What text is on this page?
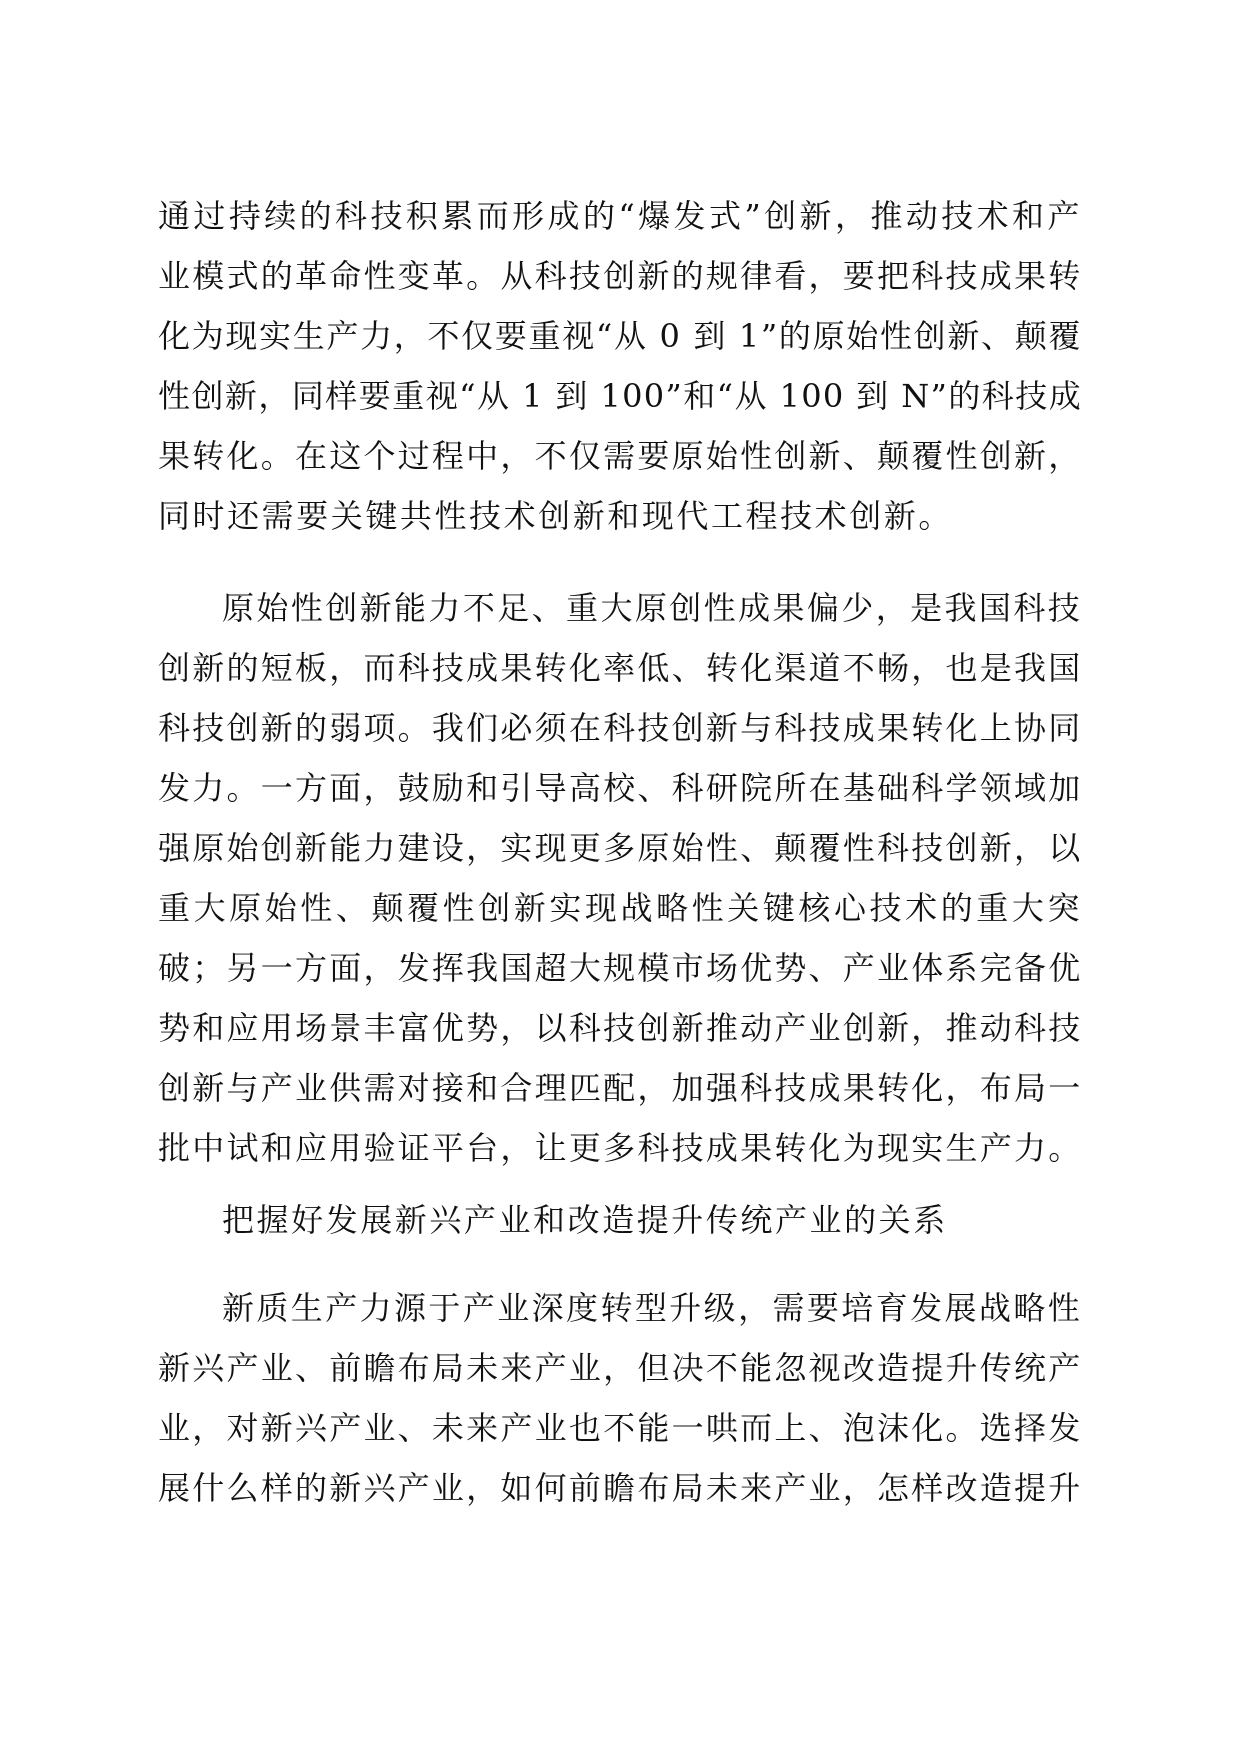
通过持续的科技积累而形成的“爆发式”创新，推动技术和产
业模式的革命性变革。从科技创新的规律看，要把科技成果转
化为现实生产力，不仅要重视“从 0 到 1”的原始性创新、颠覆
性创新，同样要重视“从 1 到 100”和“从 100 到 N”的科技成
果转化。在这个过程中，不仅需要原始性创新、颠覆性创新，
同时还需要关键共性技术创新和现代工程技术创新。
原始性创新能力不足、重大原创性成果偏少，是我国科技
创新的短板，而科技成果转化率低、转化渠道不畅，也是我国
科技创新的弱项。我们必须在科技创新与科技成果转化上协同
发力。一方面，鼓励和引导高校、科研院所在基础科学领域加
强原始创新能力建设，实现更多原始性、颠覆性科技创新，以
重大原始性、颠覆性创新实现战略性关键核心技术的重大突
破；另一方面，发挥我国超大规模市场优势、产业体系完备优
势和应用场景丰富优势，以科技创新推动产业创新，推动科技
创新与产业供需对接和合理匹配，加强科技成果转化，布局一
批中试和应用验证平台，让更多科技成果转化为现实生产力。
把握好发展新兴产业和改造提升传统产业的关系
新质生产力源于产业深度转型升级，需要培育发展战略性
新兴产业、前瞻布局未来产业，但决不能忽视改造提升传统产
业，对新兴产业、未来产业也不能一哄而上、泡沫化。选择发
展什么样的新兴产业，如何前瞻布局未来产业，怎样改造提升
